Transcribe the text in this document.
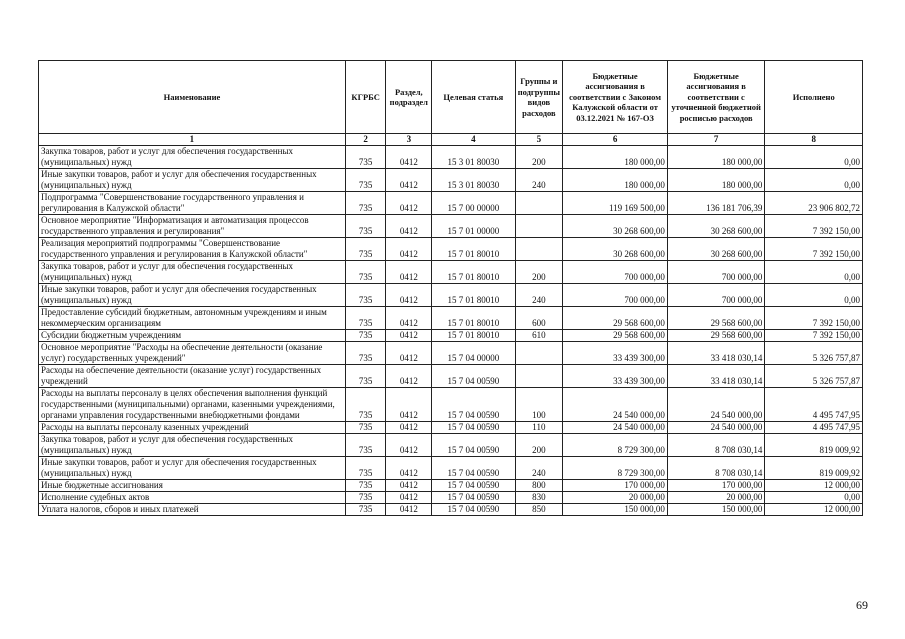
Наименование	КГРБС	Раздел, подраздел	Целевая статья	Группы и подгруппы видов расходов	Бюджетные ассигнования в соответствии с Законом Калужской области от 03.12.2021 № 167-ОЗ	Бюджетные ассигнования в соответствии с уточненной бюджетной росписью расходов	Исполнено
1	2	3	4	5	6	7	8
Закупка товаров, работ и услуг для обеспечения государственных (муниципальных) нужд	735	0412	15 3 01 80030	200	180 000,00	180 000,00	0,00
Иные закупки товаров, работ и услуг для обеспечения государственных (муниципальных) нужд	735	0412	15 3 01 80030	240	180 000,00	180 000,00	0,00
Подпрограмма "Совершенствование государственного управления и регулирования в Калужской области"	735	0412	15 7 00 00000		119 169 500,00	136 181 706,39	23 906 802,72
Основное мероприятие "Информатизация и автоматизация процессов государственного управления и регулирования"	735	0412	15 7 01 00000		30 268 600,00	30 268 600,00	7 392 150,00
Реализация мероприятий подпрограммы "Совершенствование государственного управления и регулирования в Калужской области"	735	0412	15 7 01 80010		30 268 600,00	30 268 600,00	7 392 150,00
Закупка товаров, работ и услуг для обеспечения государственных (муниципальных) нужд	735	0412	15 7 01 80010	200	700 000,00	700 000,00	0,00
Иные закупки товаров, работ и услуг для обеспечения государственных (муниципальных) нужд	735	0412	15 7 01 80010	240	700 000,00	700 000,00	0,00
Предоставление субсидий бюджетным, автономным учреждениям и иным некоммерческим организациям	735	0412	15 7 01 80010	600	29 568 600,00	29 568 600,00	7 392 150,00
Субсидии бюджетным учреждениям	735	0412	15 7 01 80010	610	29 568 600,00	29 568 600,00	7 392 150,00
Основное мероприятие "Расходы на обеспечение деятельности (оказание услуг) государственных учреждений"	735	0412	15 7 04 00000		33 439 300,00	33 418 030,14	5 326 757,87
Расходы на обеспечение деятельности (оказание услуг) государственных учреждений	735	0412	15 7 04 00590		33 439 300,00	33 418 030,14	5 326 757,87
Расходы на выплаты персоналу в целях обеспечения выполнения функций государственными (муниципальными) органами, казенными учреждениями, органами управления государственными внебюджетными фондами	735	0412	15 7 04 00590	100	24 540 000,00	24 540 000,00	4 495 747,95
Расходы на выплаты персоналу казенных учреждений	735	0412	15 7 04 00590	110	24 540 000,00	24 540 000,00	4 495 747,95
Закупка товаров, работ и услуг для обеспечения государственных (муниципальных) нужд	735	0412	15 7 04 00590	200	8 729 300,00	8 708 030,14	819 009,92
Иные закупки товаров, работ и услуг для обеспечения государственных (муниципальных) нужд	735	0412	15 7 04 00590	240	8 729 300,00	8 708 030,14	819 009,92
Иные бюджетные ассигнования	735	0412	15 7 04 00590	800	170 000,00	170 000,00	12 000,00
Исполнение судебных актов	735	0412	15 7 04 00590	830	20 000,00	20 000,00	0,00
Уплата налогов, сборов и иных платежей	735	0412	15 7 04 00590	850	150 000,00	150 000,00	12 000,00
69
